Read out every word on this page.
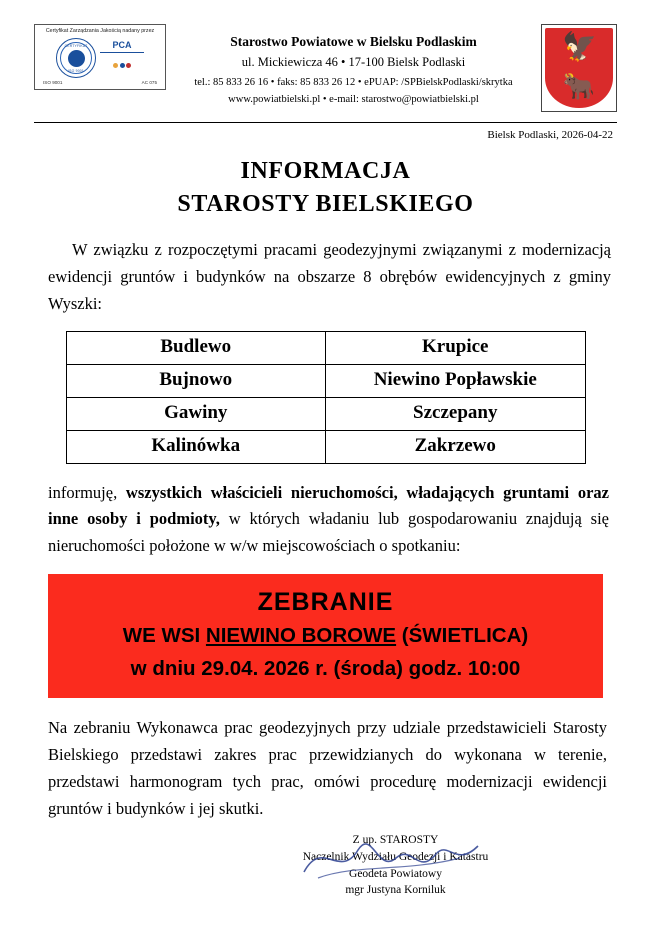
Certyfikat Zarządzania Jakością nadany przez
CERTYFIKAT
ISO 9001
PCA
ISO 9001	AC 075
Starostwo Powiatowe w Bielsku Podlaskim
ul. Mickiewicza 46 • 17-100 Bielsk Podlaski
tel.: 85 833 26 16 • faks: 85 833 26 12 • ePUAP: /SPBielskPodlaski/skrytka
www.powiatbielski.pl • e-mail: starostwo@powiatbielski.pl
🦅
🐂
Bielsk Podlaski, 2026-04-22
INFORMACJA
STAROSTY BIELSKIEGO

W związku z rozpoczętymi pracami geodezyjnymi związanymi z modernizacją ewidencji gruntów i budynków na obszarze 8 obrębów ewidencyjnych z gminy Wyszki:

Budlewo	Krupice
Bujnowo	Niewino Popławskie
Gawiny	Szczepany
Kalinówka	Zakrzewo

informuję, wszystkich właścicieli nieruchomości, władających gruntami oraz inne osoby i podmioty, w których władaniu lub gospodarowaniu znajdują się nieruchomości położone w w/w miejscowościach o spotkaniu:

ZEBRANIE
WE WSI NIEWINO BOROWE (ŚWIETLICA)
w dniu 29.04. 2026 r. (środa) godz. 10:00

Na zebraniu Wykonawca prac geodezyjnych przy udziale przedstawicieli Starosty Bielskiego przedstawi zakres prac przewidzianych do wykonana w terenie, przedstawi harmonogram tych prac, omówi procedurę modernizacji ewidencji gruntów i budynków i jej skutki.

Z up. STAROSTY
Naczelnik Wydziału Geodezji i Katastru
Geodeta Powiatowy
mgr Justyna Korniluk
